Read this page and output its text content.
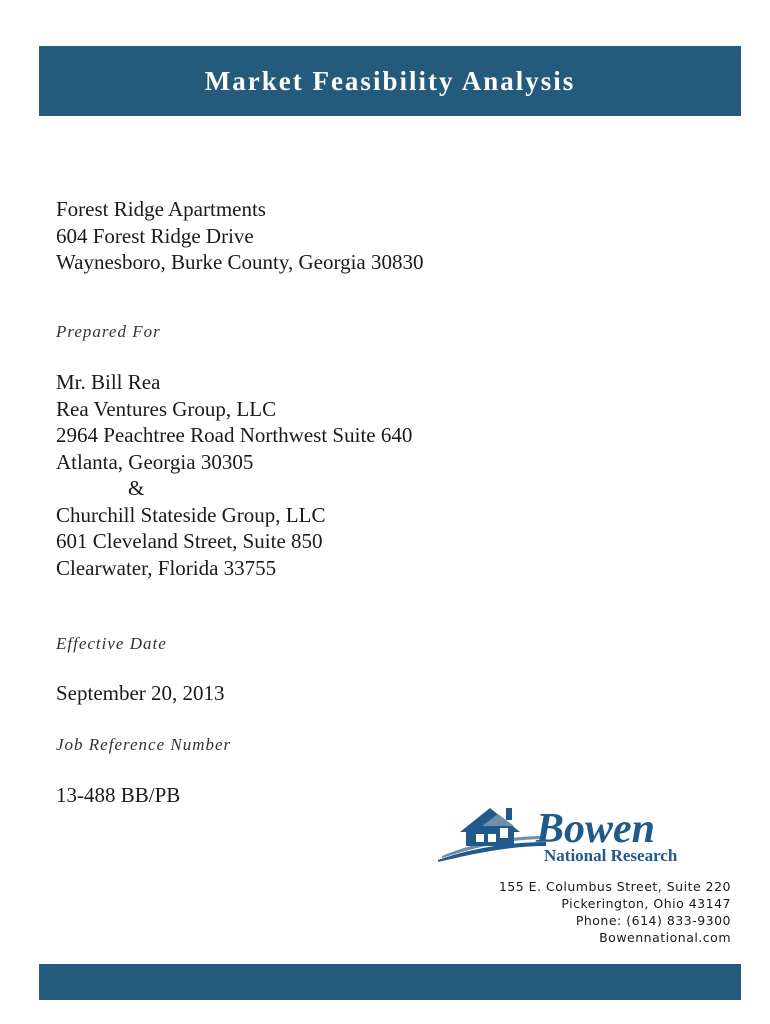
Market Feasibility Analysis
Forest Ridge Apartments
604 Forest Ridge Drive
Waynesboro, Burke County, Georgia 30830
Prepared For
Mr. Bill Rea
Rea Ventures Group, LLC
2964 Peachtree Road Northwest Suite 640
Atlanta, Georgia 30305
&
Churchill Stateside Group, LLC
601 Cleveland Street, Suite 850
Clearwater, Florida 33755
Effective Date
September 20, 2013
Job Reference Number
13-488 BB/PB
Bowen
National Research
155 E. Columbus Street, Suite 220
Pickerington, Ohio 43147
Phone: (614) 833-9300
Bowennational.com
